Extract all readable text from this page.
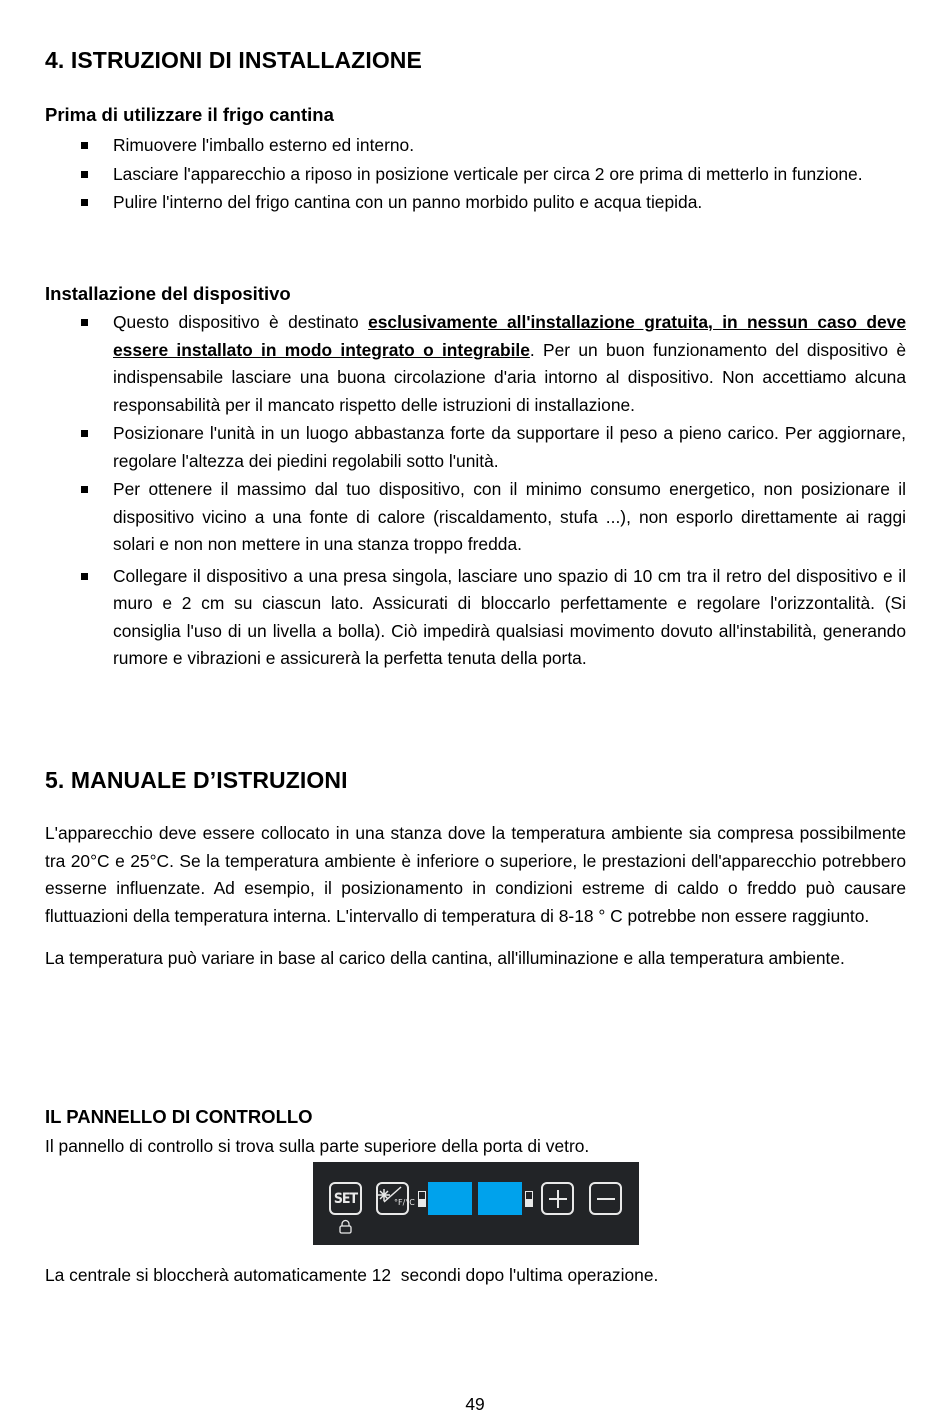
4. ISTRUZIONI DI INSTALLAZIONE
Prima di utilizzare il frigo cantina
Rimuovere l'imballo esterno ed interno.
Lasciare l'apparecchio a riposo in posizione verticale per circa 2 ore prima di metterlo in funzione.
Pulire l'interno del frigo cantina con un panno morbido pulito e acqua tiepida.
Installazione del dispositivo
Questo dispositivo è destinato esclusivamente all'installazione gratuita, in nessun caso deve essere installato in modo integrato o integrabile. Per un buon funzionamento del dispositivo è indispensabile lasciare una buona circolazione d'aria intorno al dispositivo. Non accettiamo alcuna responsabilità per il mancato rispetto delle istruzioni di installazione.
Posizionare l'unità in un luogo abbastanza forte da supportare il peso a pieno carico. Per aggiornare, regolare l'altezza dei piedini regolabili sotto l'unità.
Per ottenere il massimo dal tuo dispositivo, con il minimo consumo energetico, non posizionare il dispositivo vicino a una fonte di calore (riscaldamento, stufa ...), non esporlo direttamente ai raggi solari e non non mettere in una stanza troppo fredda.
Collegare il dispositivo a una presa singola, lasciare uno spazio di 10 cm tra il retro del dispositivo e il muro e 2 cm su ciascun lato. Assicurati di bloccarlo perfettamente e regolare l'orizzontalità. (Si consiglia l'uso di un livella a bolla). Ciò impedirà qualsiasi movimento dovuto all'instabilità, generando rumore e vibrazioni e assicurerà la perfetta tenuta della porta.
5. MANUALE D’ISTRUZIONI

L'apparecchio deve essere collocato in una stanza dove la temperatura ambiente sia compresa possibilmente tra 20°C e 25°C. Se la temperatura ambiente è inferiore o superiore, le prestazioni dell'apparecchio potrebbero esserne influenzate. Ad esempio, il posizionamento in condizioni estreme di caldo o freddo può causare fluttuazioni della temperatura interna. L'intervallo di temperatura di 8-18 ° C potrebbe non essere raggiunto.

La temperatura può variare in base al carico della cantina, all'illuminazione e alla temperatura ambiente.

IL PANNELLO DI CONTROLLO

Il pannello di controllo si trova sulla parte superiore della porta di vetro.

SET	°F/°C

La centrale si bloccherà automaticamente 12  secondi dopo l'ultima operazione.

49
